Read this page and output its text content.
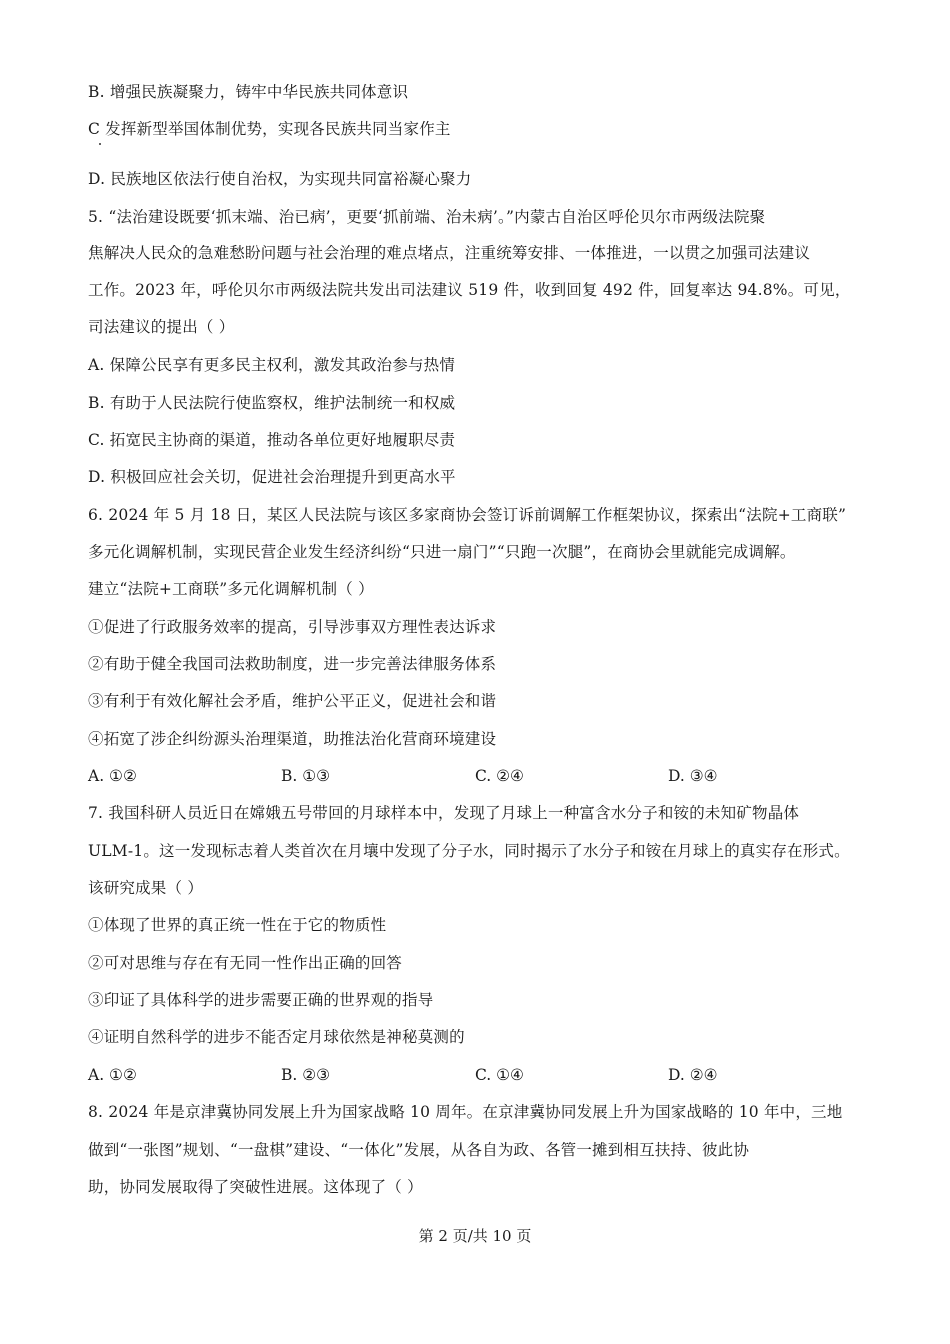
B. 增强民族凝聚力，铸牢中华民族共同体意识
C 发挥新型举国体制优势，实现各民族共同当家作主
D. 民族地区依法行使自治权，为实现共同富裕凝心聚力
5. “法治建设既要‘抓末端、治已病’，更要‘抓前端、治未病’。”内蒙古自治区呼伦贝尔市两级法院聚
焦解决人民众的急难愁盼问题与社会治理的难点堵点，注重统筹安排、一体推进，一以贯之加强司法建议
工作。2023 年，呼伦贝尔市两级法院共发出司法建议 519 件，收到回复 492 件，回复率达 94.8%。可见，
司法建议的提出（ ）
A. 保障公民享有更多民主权利，激发其政治参与热情
B. 有助于人民法院行使监察权，维护法制统一和权威
C. 拓宽民主协商的渠道，推动各单位更好地履职尽责
D. 积极回应社会关切，促进社会治理提升到更高水平
6. 2024 年 5 月 18 日，某区人民法院与该区多家商协会签订诉前调解工作框架协议，探索出“法院+工商联”
多元化调解机制，实现民营企业发生经济纠纷“只进一扇门”“只跑一次腿”，在商协会里就能完成调解。
建立“法院+工商联”多元化调解机制（ ）
①促进了行政服务效率的提高，引导涉事双方理性表达诉求
②有助于健全我国司法救助制度，进一步完善法律服务体系
③有利于有效化解社会矛盾，维护公平正义，促进社会和谐
④拓宽了涉企纠纷源头治理渠道，助推法治化营商环境建设
A. ①②	B. ①③	C. ②④	D. ③④
7. 我国科研人员近日在嫦娥五号带回的月球样本中，发现了月球上一种富含水分子和铵的未知矿物晶体
ULM-1。这一发现标志着人类首次在月壤中发现了分子水，同时揭示了水分子和铵在月球上的真实存在形式。
该研究成果（ ）
①体现了世界的真正统一性在于它的物质性
②可对思维与存在有无同一性作出正确的回答
③印证了具体科学的进步需要正确的世界观的指导
④证明自然科学的进步不能否定月球依然是神秘莫测的
A. ①②	B. ②③	C. ①④	D. ②④
8. 2024 年是京津冀协同发展上升为国家战略 10 周年。在京津冀协同发展上升为国家战略的 10 年中，三地
做到“一张图”规划、“一盘棋”建设、“一体化”发展，从各自为政、各管一摊到相互扶持、彼此协
助，协同发展取得了突破性进展。这体现了（ ）
第 2 页/共 10 页
